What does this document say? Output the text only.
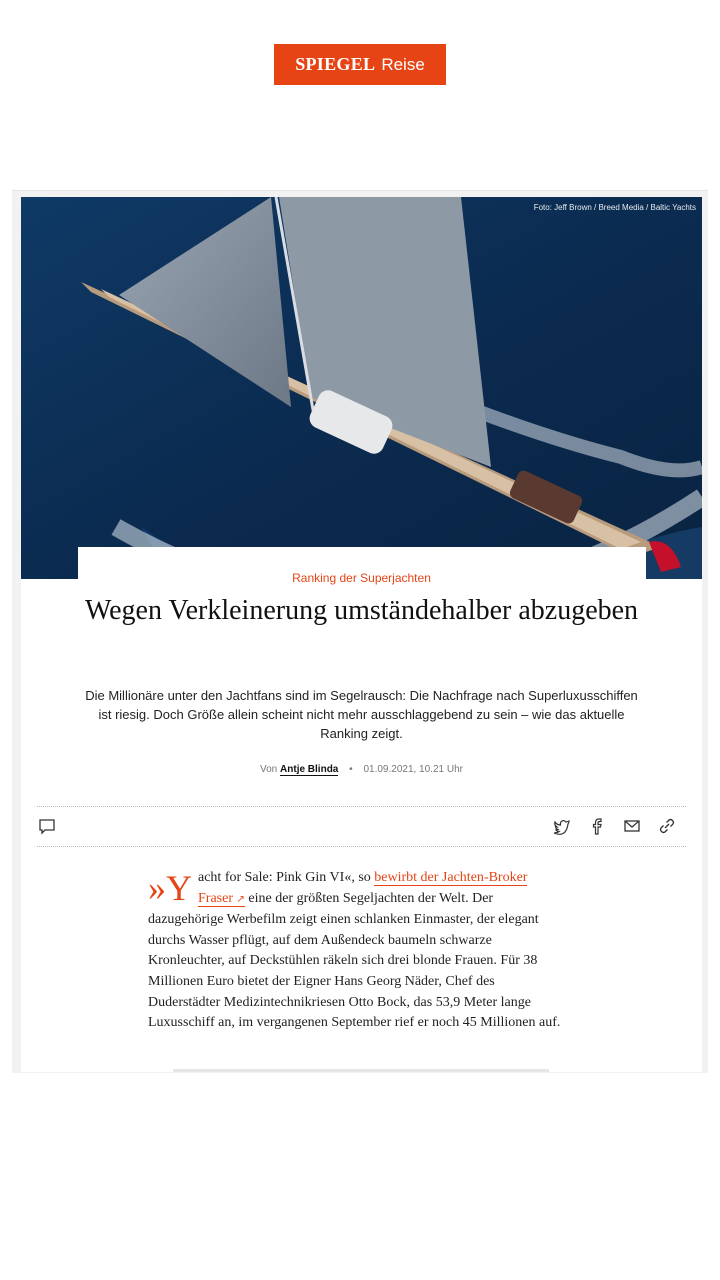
SPIEGEL Reise
Foto: Jeff Brown / Breed Media / Baltic Yachts
Ranking der Superjachten
Wegen Verkleinerung umständehalber abzugeben

Die Millionäre unter den Jachtfans sind im Segelrausch: Die Nachfrage nach Superluxusschiffen ist riesig. Doch Größe allein scheint nicht mehr ausschlaggebend zu sein – wie das aktuelle Ranking zeigt.

Von Antje Blinda • 01.09.2021, 10.21 Uhr

»Y acht for Sale: Pink Gin VI«, so bewirbt der Jachten-Broker Fraser ↗ eine der größten Segeljachten der Welt. Der dazugehörige Werbefilm zeigt einen schlanken Einmaster, der elegant durchs Wasser pflügt, auf dem Außendeck baumeln schwarze Kronleuchter, auf Deckstühlen räkeln sich drei blonde Frauen. Für 38 Millionen Euro bietet der Eigner Hans Georg Näder, Chef des Duderstädter Medizintechnikriesen Otto Bock, das 53,9 Meter lange Luxusschiff an, im vergangenen September rief er noch 45 Millionen auf.
